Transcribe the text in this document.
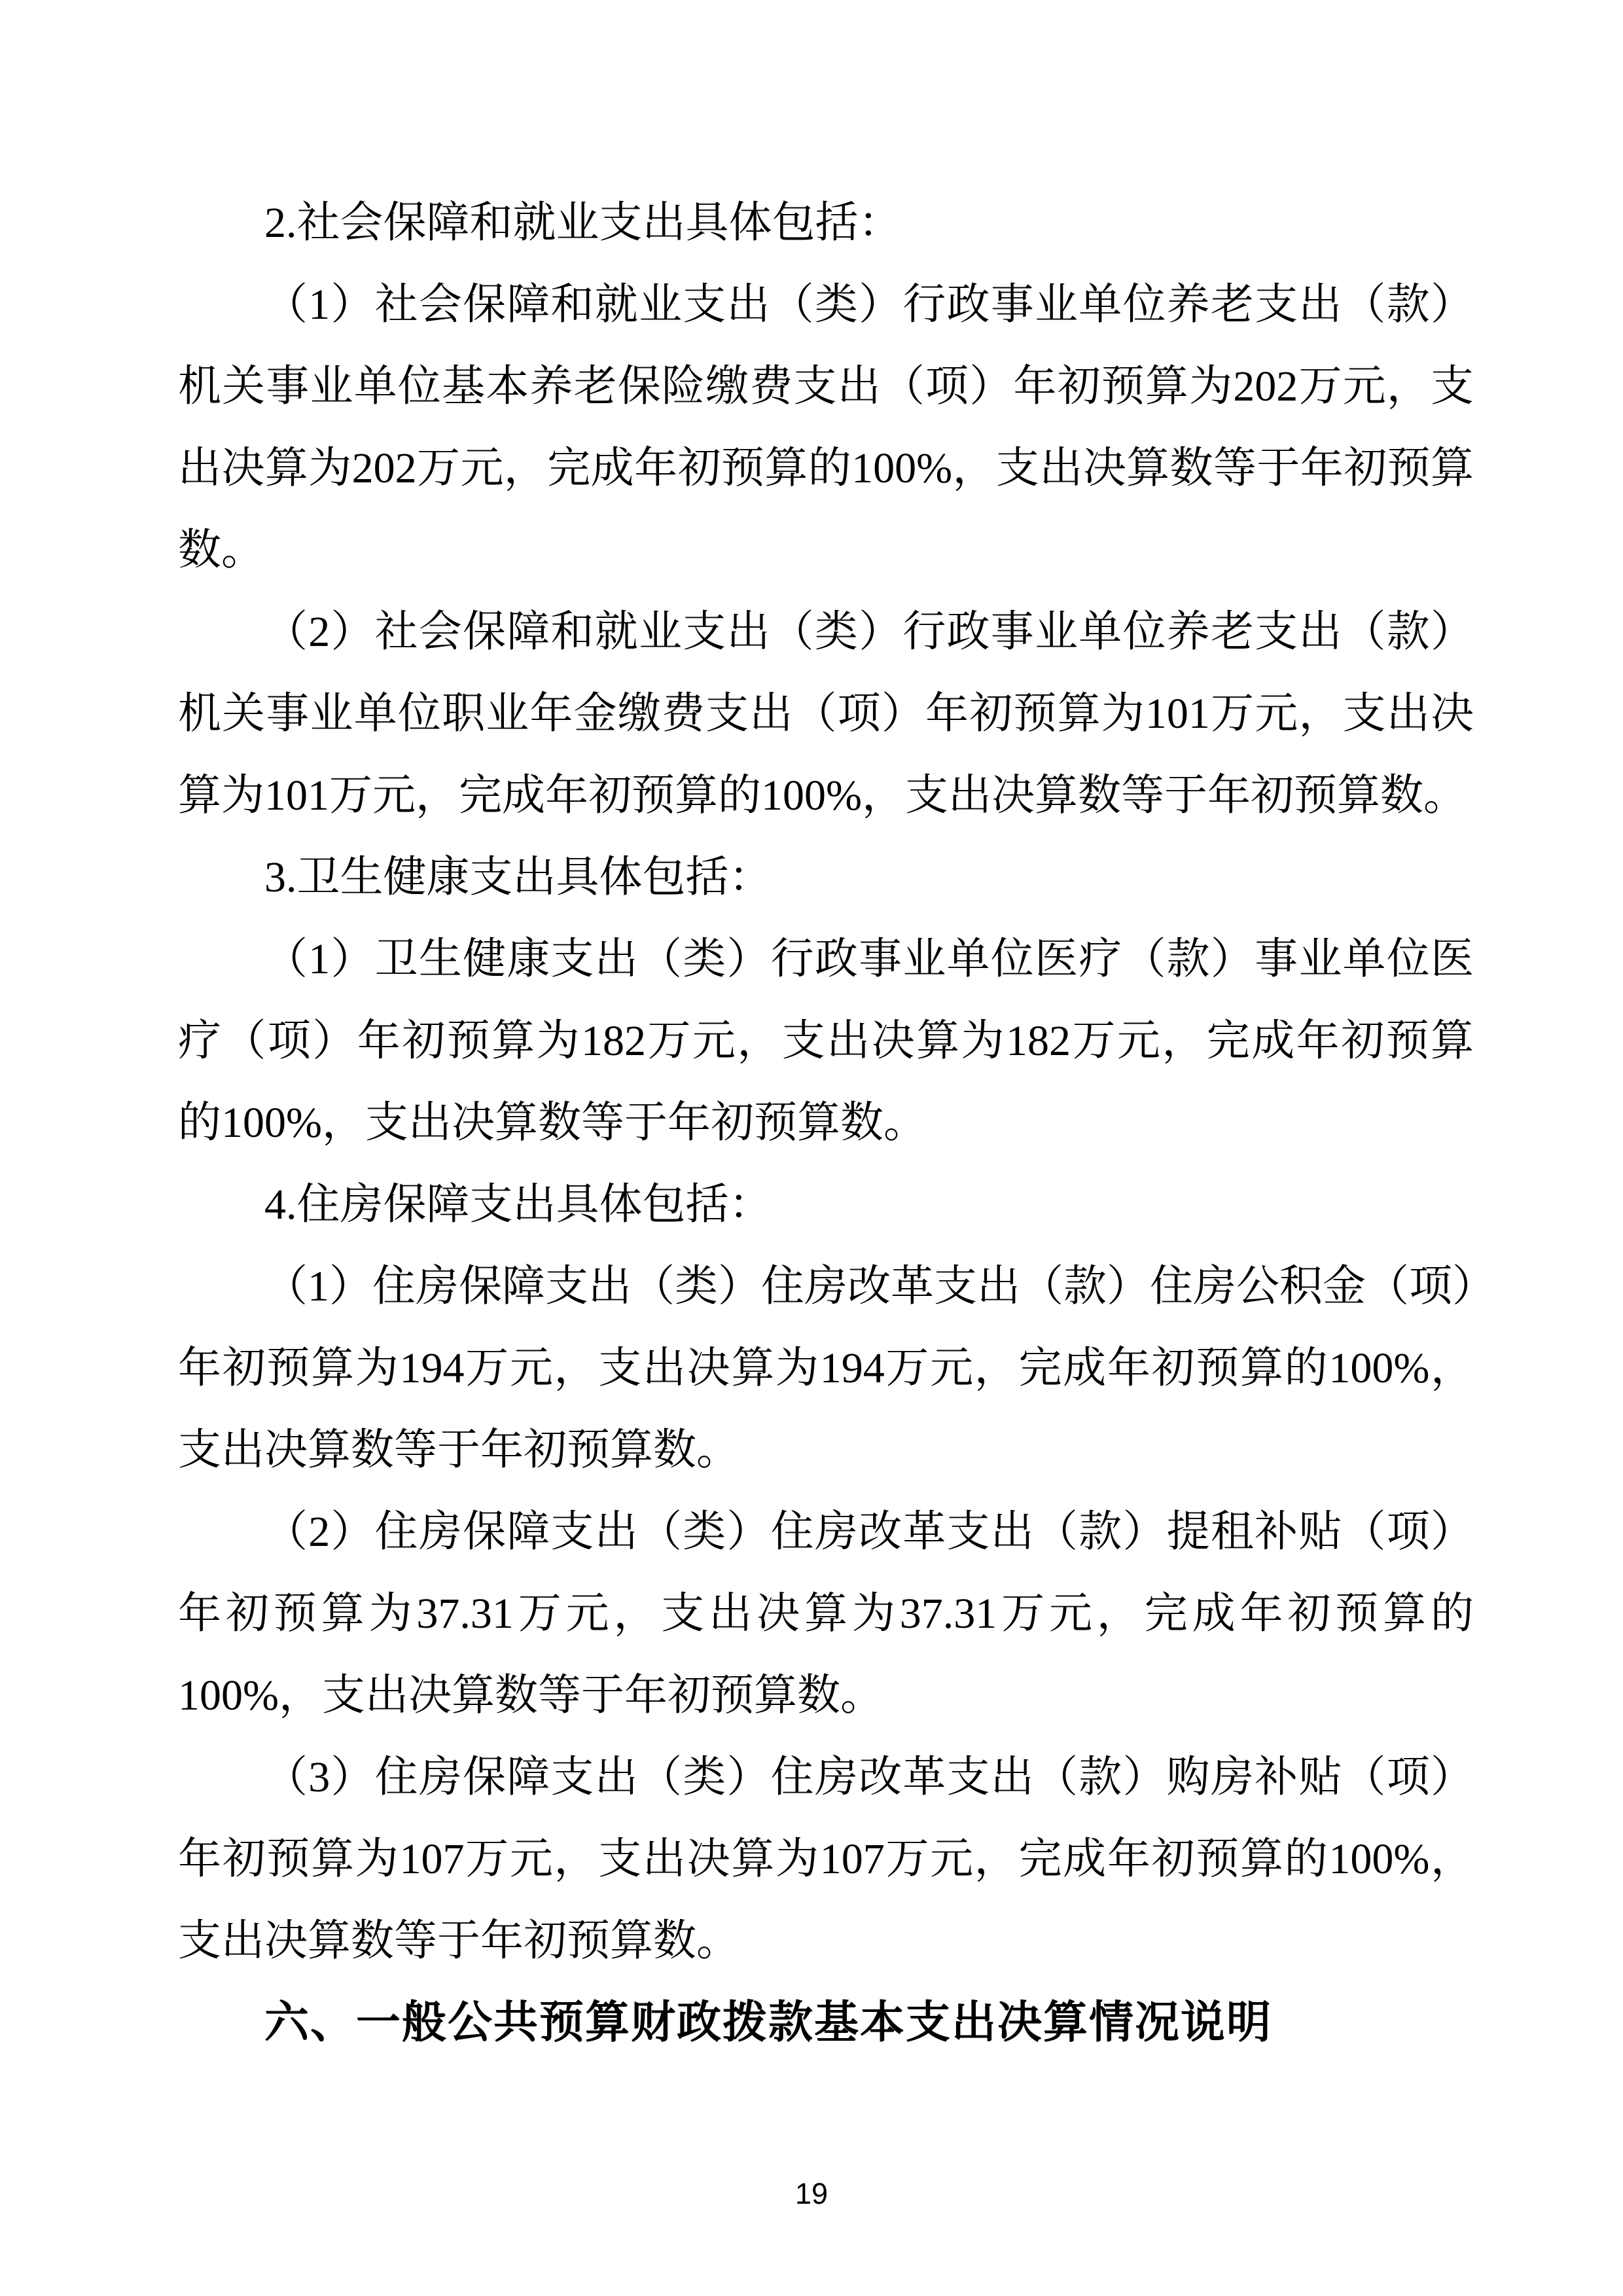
2.社会保障和就业支出具体包括：
（1）社会保障和就业支出（类）行政事业单位养老支出（款）
机关事业单位基本养老保险缴费支出（项）年初预算为202万元，支
出决算为202万元，完成年初预算的100%，支出决算数等于年初预算
数。
（2）社会保障和就业支出（类）行政事业单位养老支出（款）
机关事业单位职业年金缴费支出（项）年初预算为101万元，支出决
算为101万元，完成年初预算的100%，支出决算数等于年初预算数。
3.卫生健康支出具体包括：
（1）卫生健康支出（类）行政事业单位医疗（款）事业单位医
疗（项）年初预算为182万元，支出决算为182万元，完成年初预算
的100%，支出决算数等于年初预算数。
4.住房保障支出具体包括：
（1）住房保障支出（类）住房改革支出（款）住房公积金（项）
年初预算为194万元，支出决算为194万元，完成年初预算的100%，
支出决算数等于年初预算数。
（2）住房保障支出（类）住房改革支出（款）提租补贴（项）
年初预算为37.31万元，支出决算为37.31万元，完成年初预算的
100%，支出决算数等于年初预算数。
（3）住房保障支出（类）住房改革支出（款）购房补贴（项）
年初预算为107万元，支出决算为107万元，完成年初预算的100%，
支出决算数等于年初预算数。
六、一般公共预算财政拨款基本支出决算情况说明
19
